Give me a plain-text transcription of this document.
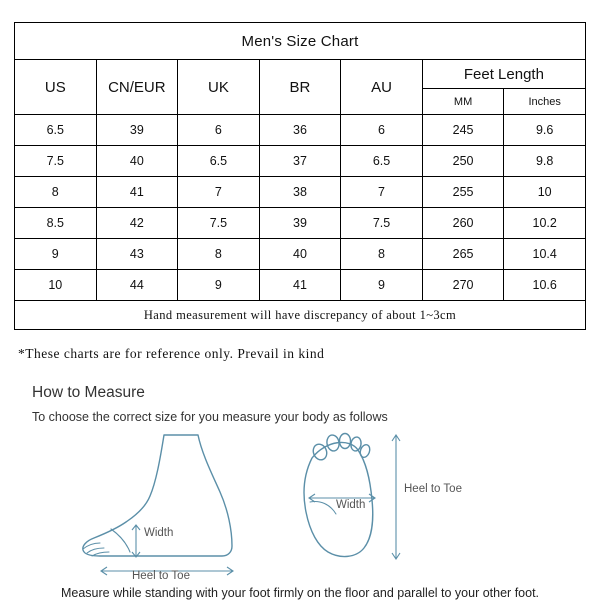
Men's Size Chart						
US	CN/EUR	UK	BR	AU	Feet Length	
					MM	Inches
6.5	39	6	36	6	245	9.6
7.5	40	6.5	37	6.5	250	9.8
8	41	7	38	7	255	10
8.5	42	7.5	39	7.5	260	10.2
9	43	8	40	8	265	10.4
10	44	9	41	9	270	10.6
Hand measurement will have discrepancy of about 1~3cm						
*These charts are for reference only. Prevail in kind
How to Measure
To choose the correct size for you measure your body as follows
Width
Heel to Toe
Width
Heel to Toe
Measure while standing with your foot firmly on the floor and parallel to your other foot.
